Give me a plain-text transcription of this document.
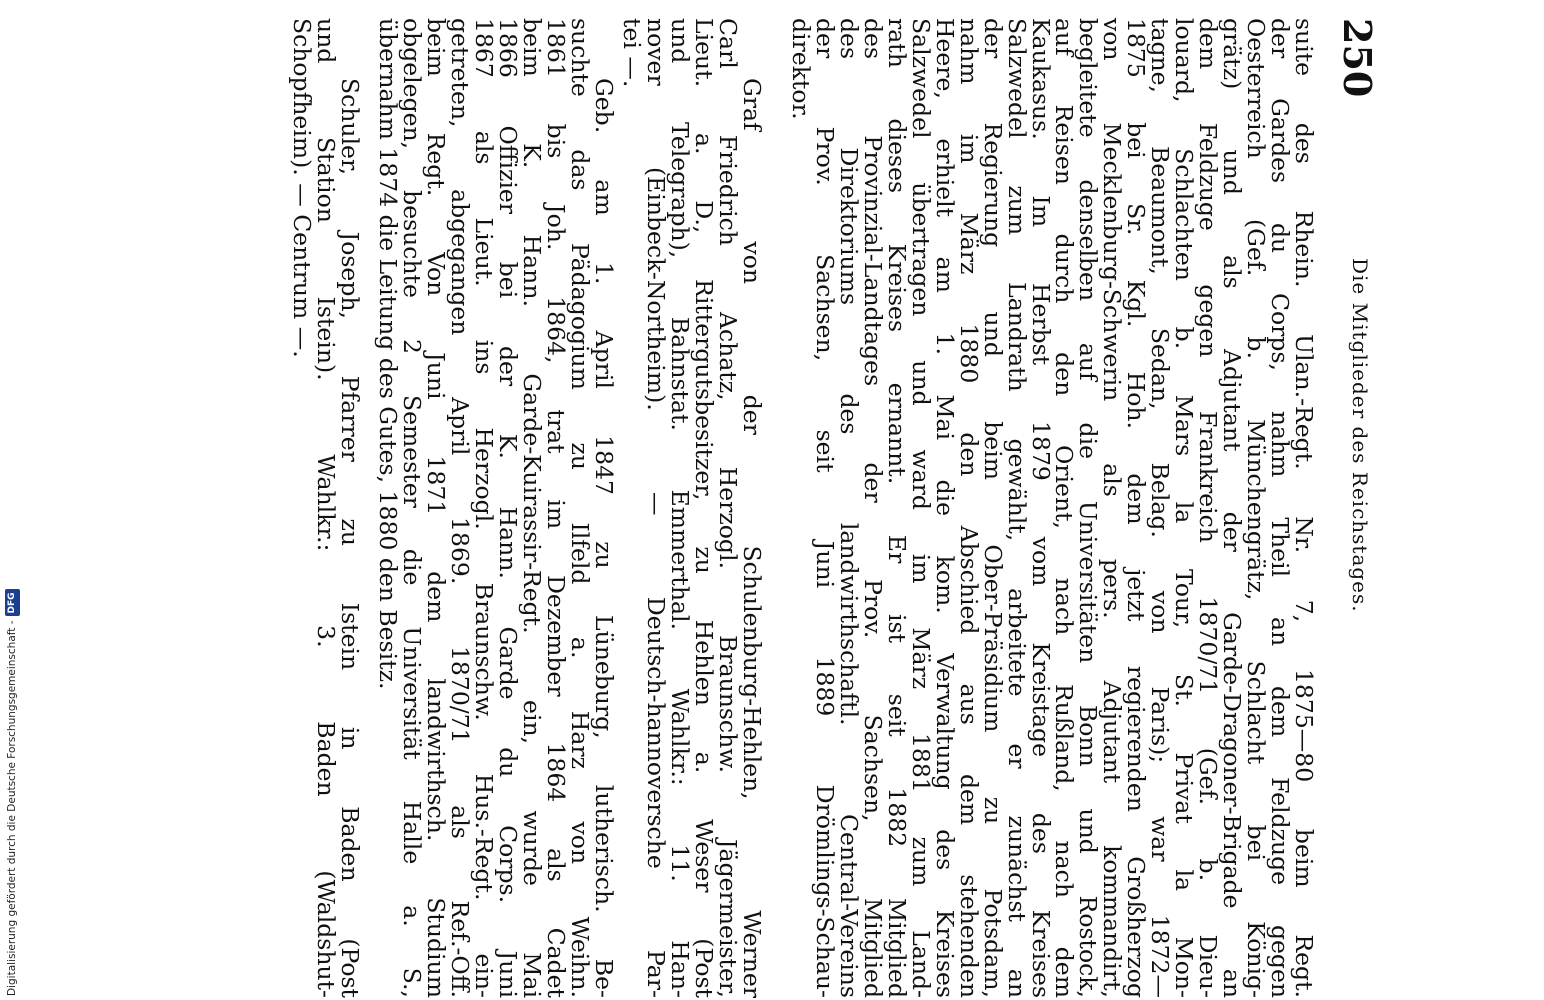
250

Die Mitglieder des Reichstages.

suite des Rhein. Ulan.-Regt. Nr. 7, 1875—80 beim Regt.

der Gardes du Corps, nahm Theil an dem Feldzuge gegen

Oesterreich (Gef. b. Münchengrätz, Schlacht bei König-

grätz) und als Adjutant der Garde-Dragoner-Brigade an

dem Feldzuge gegen Frankreich 1870/71 (Gef. b. Dieu-

louard, Schlachten b. Mars la Tour, St. Privat la Mon-

tagne, Beaumont, Sedan, Belag. von Paris); war 1872—

1875 bei Sr. Kgl. Hoh. dem jetzt regierenden Großherzog

von Mecklenburg-Schwerin als pers. Adjutant kommandirt,

begleitete denselben auf die Universitäten Bonn und Rostock,

auf Reisen durch den Orient, nach Rußland, nach dem

Kaukasus. Im Herbst 1879 vom Kreistage des Kreises

Salzwedel zum Landrath gewählt, arbeitete er zunächst an

der Regierung und beim Ober-Präsidium zu Potsdam,

nahm im März 1880 den Abschied aus dem stehenden

Heere, erhielt am 1. Mai die kom. Verwaltung des Kreises

Salzwedel übertragen und ward im März 1881 zum Land-

rath dieses Kreises ernannt. Er ist seit 1882 Mitglied

des Provinzial-Landtages der Prov. Sachsen, Mitglied

des Direktoriums des landwirthschaftl. Central-Vereins

der Prov. Sachsen, seit Juni 1889 Drömlings-Schau-

direktor.

Graf von der Schulenburg-Hehlen, Werner

Carl Friedrich Achatz, Herzogl. Braunschw. Jägermeister,

Lieut. a. D., Rittergutsbesitzer, zu Hehlen a. Weser (Post

und Telegraph), Bahnstat. Emmerthal. Wahlkr.: 11. Han-

nover (Einbeck-Northeim). — Deutsch-hannoversche Par-

tei —.

Geb. am 1. April 1847 zu Lüneburg, lutherisch. Be-

suchte das Pädagogium zu Ilfeld a. Harz von Weihn.

1861 bis Joh. 1864, trat im Dezember 1864 als Cadet

beim K. Hann. Garde-Kuirassir-Regt. ein, wurde Mai

1866 Offizier bei der K. Hann. Garde du Corps. Juni

1867 als Lieut. ins Herzogl. Braunschw. Hus.-Regt. ein-

getreten, abgegangen April 1869. 1870/71 als Ref.-Off.

beim Regt. Von Juni 1871 dem landwirthsch. Studium

obgelegen, besuchte 2 Semester die Universität Halle a. S.,

übernahm 1874 die Leitung des Gutes, 1880 den Besitz.

Schuler, Joseph, Pfarrer zu Istein in Baden (Post

und Station Istein). Wahlkr.: 3. Baden (Waldshut-

Schopfheim). — Centrum —.

Digitalisierung gefördert durch die Deutsche Forschungsgemeinschaft -
DFG
